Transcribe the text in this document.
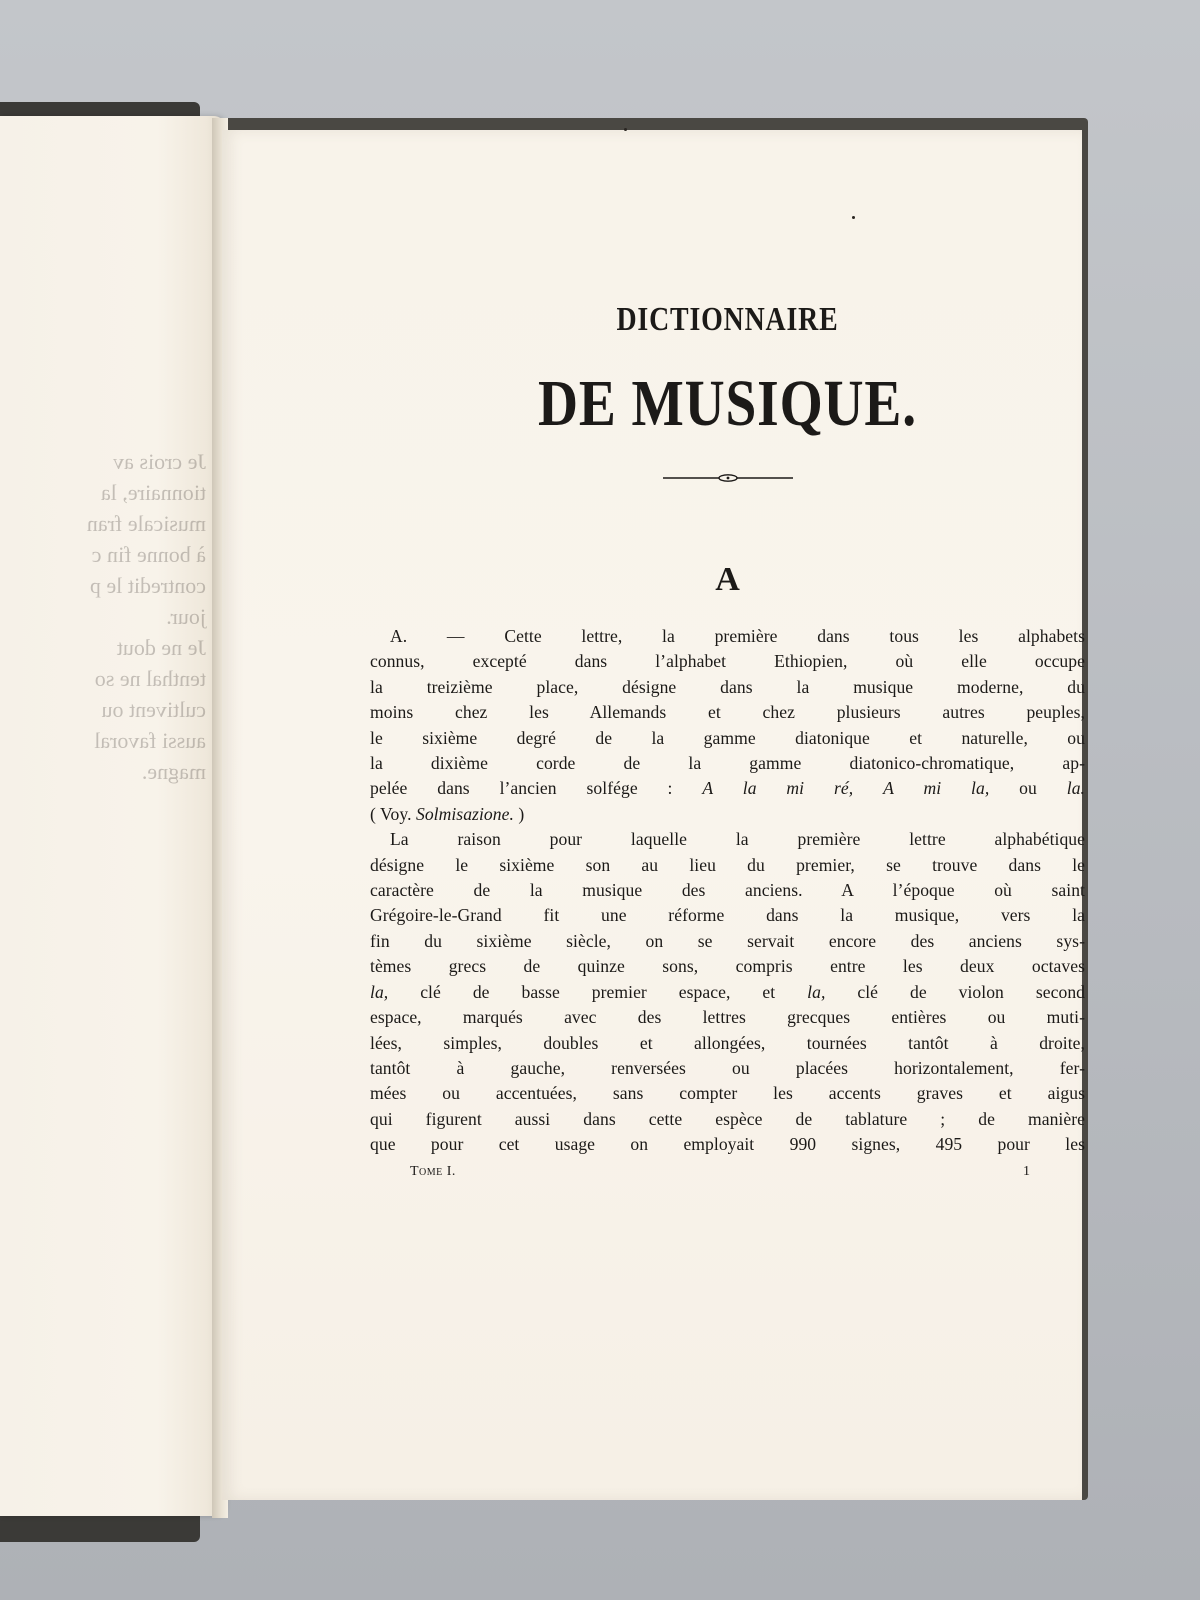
Je crois av
tionnaire, la
musicale fran
à bonne fin c
contredit le p
jour.
Je ne dout
tenthal ne so
cultivent ou
aussi favoral
magne.
DICTIONNAIRE
DE MUSIQUE.
A
A. — Cette lettre, la première dans tous les alphabets
connus, excepté dans l’alphabet Ethiopien, où elle occupe
la treizième place, désigne dans la musique moderne, du
moins chez les Allemands et chez plusieurs autres peuples,
le sixième degré de la gamme diatonique et naturelle, ou
la dixième corde de la gamme diatonico-chromatique, ap-
pelée dans l’ancien solfége : A la mi ré, A mi la, ou la.
( Voy. Solmisazione. )
La raison pour laquelle la première lettre alphabétique
désigne le sixième son au lieu du premier, se trouve dans le
caractère de la musique des anciens. A l’époque où saint
Grégoire-le-Grand fit une réforme dans la musique, vers la
fin du sixième siècle, on se servait encore des anciens sys-
tèmes grecs de quinze sons, compris entre les deux octaves
la, clé de basse premier espace, et la, clé de violon second
espace, marqués avec des lettres grecques entières ou muti-
lées, simples, doubles et allongées, tournées tantôt à droite,
tantôt à gauche, renversées ou placées horizontalement, fer-
mées ou accentuées, sans compter les accents graves et aigus
qui figurent aussi dans cette espèce de tablature ; de manière
que pour cet usage on employait 990 signes, 495 pour les
Tome I.	1
